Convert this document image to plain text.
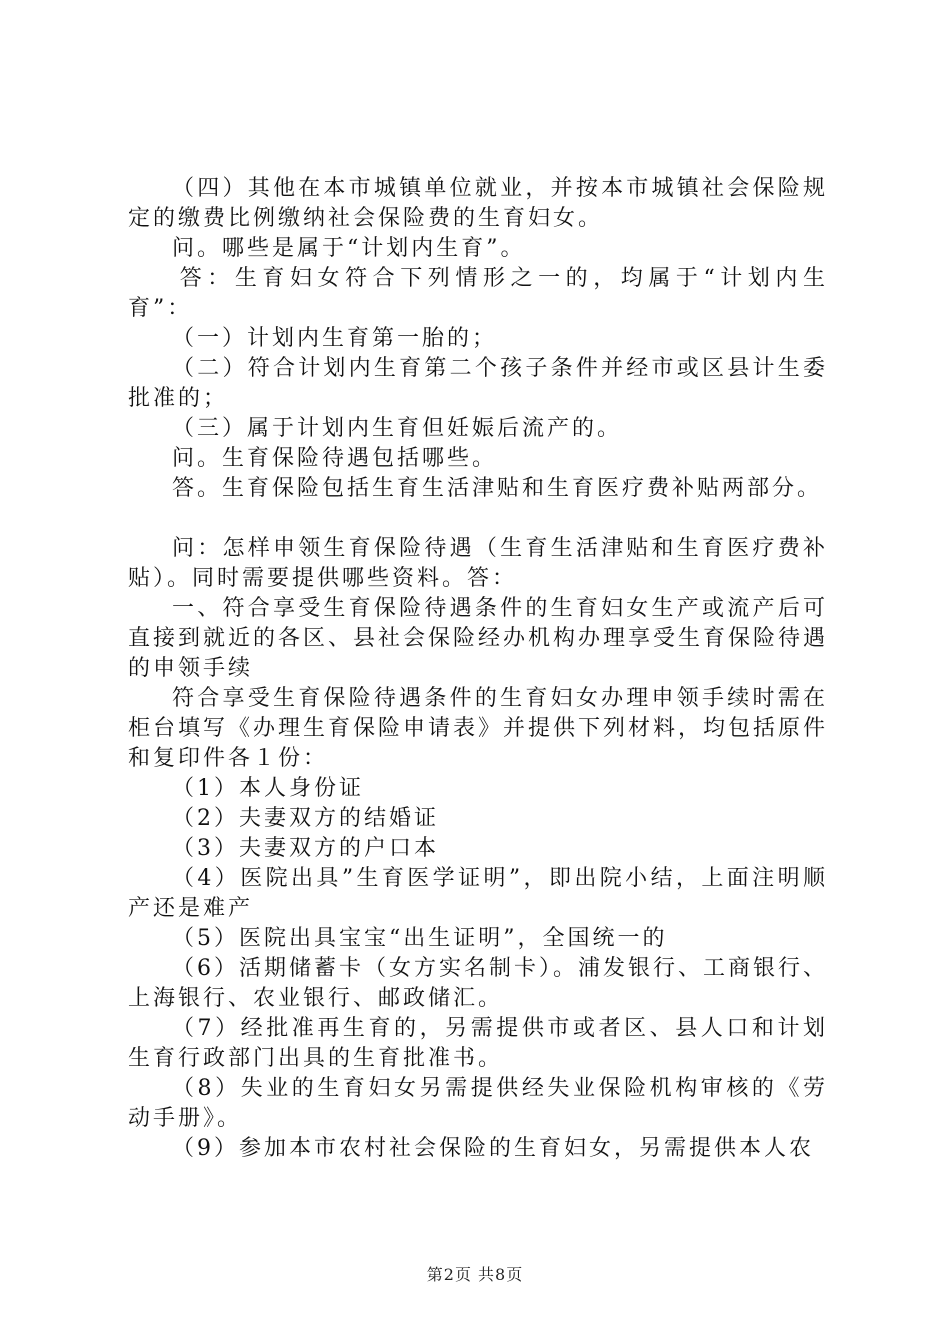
（四）其他在本市城镇单位就业，并按本市城镇社会保险规定的缴费比例缴纳社会保险费的生育妇女。

问。哪些是属于“计划内生育”。

答：生育妇女符合下列情形之一的，均属于“计划内生育”：

（一）计划内生育第一胎的；

（二）符合计划内生育第二个孩子条件并经市或区县计生委批准的；

（三）属于计划内生育但妊娠后流产的。

问。生育保险待遇包括哪些。

答。生育保险包括生育生活津贴和生育医疗费补贴两部分。

问：怎样申领生育保险待遇（生育生活津贴和生育医疗费补贴）。同时需要提供哪些资料。答：

一、符合享受生育保险待遇条件的生育妇女生产或流产后可直接到就近的各区、县社会保险经办机构办理享受生育保险待遇的申领手续

符合享受生育保险待遇条件的生育妇女办理申领手续时需在柜台填写《办理生育保险申请表》并提供下列材料，均包括原件和复印件各１份：

（1）本人身份证

（2）夫妻双方的结婚证

（3）夫妻双方的户口本

（4）医院出具”生育医学证明”，即出院小结，上面注明顺产还是难产

（5）医院出具宝宝“出生证明”，全国统一的

（6）活期储蓄卡（女方实名制卡）。浦发银行、工商银行、上海银行、农业银行、邮政储汇。

（7）经批准再生育的，另需提供市或者区、县人口和计划生育行政部门出具的生育批准书。

（8）失业的生育妇女另需提供经失业保险机构审核的《劳动手册》。

（9）参加本市农村社会保险的生育妇女，另需提供本人农

第2页 共8页
